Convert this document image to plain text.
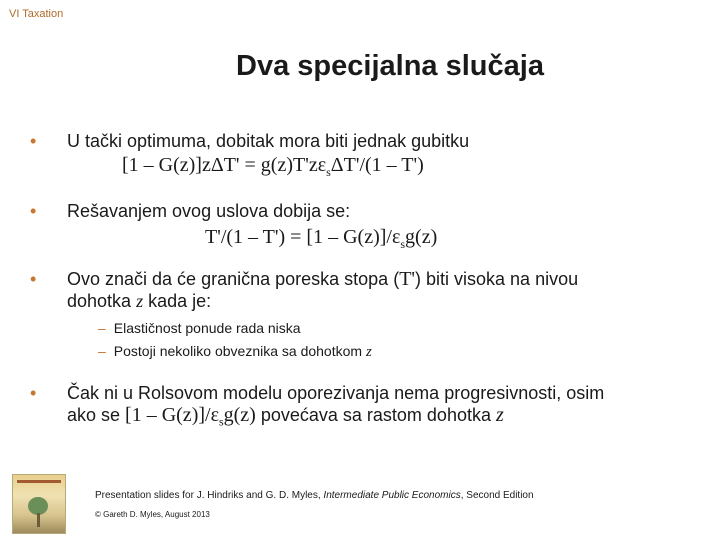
VI Taxation
Dva specijalna slučaja
• U tački optimuma, dobitak mora biti jednak gubitku
$[1 - G(z)]z\Delta T' = g(z)T'z\varepsilon_s\Delta T'/(1 - T')$
• Rešavanjem ovog uslova dobija se:
$T'/(1 - T') = [1 - G(z)]/\varepsilon_sg(z)$
• Ovo znači da će granična poreska stopa (T') biti visoka na nivou
dohotka z kada je:
– Elastičnost ponude rada niska
– Postoji nekoliko obveznika sa dohotkom z
• Čak ni u Rolsovom modelu oporezivanja nema progresivnosti, osim
ako se $[1 - G(z)]/\varepsilon_sg(z)$ povećava sa rastom dohotka z
Presentation slides for J. Hindriks and G. D. Myles, Intermediate Public Economics, Second Edition
© Gareth D. Myles, August 2013
